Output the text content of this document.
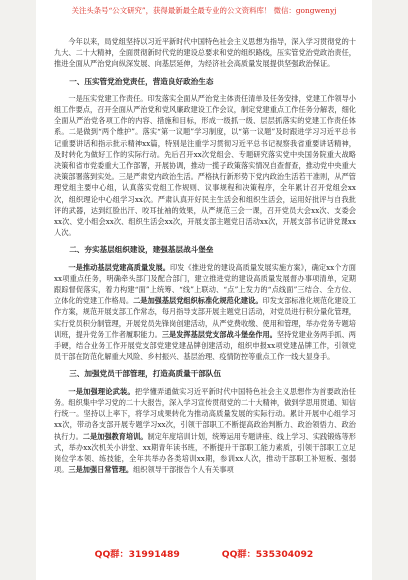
关注头条号“公文研究”，获得最新最全最专业的公文资料库！ 微信：gongwenyj

今年以来，局党组坚持以习近平新时代中国特色社会主义思想为指导，深入学习贯彻党的十九大、二十大精神，全面贯彻新时代党的建设总要求和党的组织路线，压实管党治党政治责任，推进全面从严治党向纵深发展、向基层延伸，为经济社会高质量发展提供坚强政治保证。

一、压实管党治党责任，营造良好政治生态

一是压实党建工作责任。印发落实全面从严治党主体责任清单及任务安排，党建工作领导小组工作要点，召开全面从严治党和党风廉政建设工作会议，制定党建重点工作任务分解表，细化全面从严治党各项工作的内容、措施和目标，形成一级抓一级、层层抓落实的党建工作责任体系。二是做到“两个维护”。落实“第一议题”学习制度，以“第一议题”及时跟进学习习近平总书记重要讲话和指示批示精神xx篇，特别是注重学习贯彻习近平总书记视察我省重要讲话精神，及时转化为做好工作的实际行动。先后召开xx次党组会、专题研究落实党中央国务院重大战略决策和省市党委重大工作部署，开展协调，推动一揽子政策落实情况自查督查，推动党中央重大决策部署落到实处。三是严肃党内政治生活。严格执行新形势下党内政治生活若干准则，从严管理党组主要中心组，认真落实党组工作规则、议事规程和决策程序，全年累计召开党组会xx次，组织理论中心组学习xx次。严肃认真开好民主生活会和组织生活会，运用好批评与自我批评的武器，达到红脸出汗、咬耳扯袖的效果，从严规范三会一课，召开党员大会xx次、支委会xx次、党小组会xx次、组织生活会xx次，开展支部主题党日活动xx次，开展支部书记讲党课xx人次。

二、夯实基层组织建设，建强基层战斗堡垒

一是推动基层党建高质量发展。印发《推进党的建设高质量发展实施方案》，确定xx个方面xx项重点任务，明确牵头部门及配合部门，建立推进党的建设高质量发展督办事项清单，定期跟踪督促落实，着力构建“面”上统筹、“线”上联动、“点”上发力的“点线面”三结合、全方位、立体化的党建工作格局。二是加强基层党组织标准化规范化建设。印发支部标准化规范化建设工作方案，规范开展支部工作常态，每月指导支部开展主题党日活动，对党员进行积分量化管理，实行党员积分制管理，开展党员先锋岗创建活动，从严党费收缴、使用和管理，举办党务专题培训班，提升党务工作者履职能力。三是发挥基层党支部战斗堡垒作用。坚持党建业务两手抓、两手硬，结合业务工作开展党支部党建党建品牌创建活动，组织申报xx项党建品牌工作，引领党员干部在防范化解重大风险、乡村振兴、基层治理、疫情防控等重点工作一线大显身手。

三、加强党员干部管理，打造高质量干部队伍

一是加强理论武装。把学懂弄通做实习近平新时代中国特色社会主义思想作为首要政治任务。组织集中学习党的二十大报告，深入学习宣传贯彻党的二十大精神，做到学思用贯通、知信行统一。坚持以上率下，将学习成果转化为推动高质量发展的实际行动。累计开展中心组学习xx次，带动各支部开展专题学习xx次，引领干部职工不断提高政治判断力、政治领悟力、政治执行力。二是加强教育培训。制定年度培训计划，统筹运用专题讲座、线上学习、实践锻炼等形式，举办xx次机关小讲堂、xx期青年读书班，不断提升干部职工能力素质，引领干部职工立足岗位学本领、练技能，全年共举办各类培训xx期，参训xx人次，推动干部职工补短板、强弱项。三是加强日常管理。组织领导干部报告个人有关事项

QQ群：31991489	QQ群：535304092
